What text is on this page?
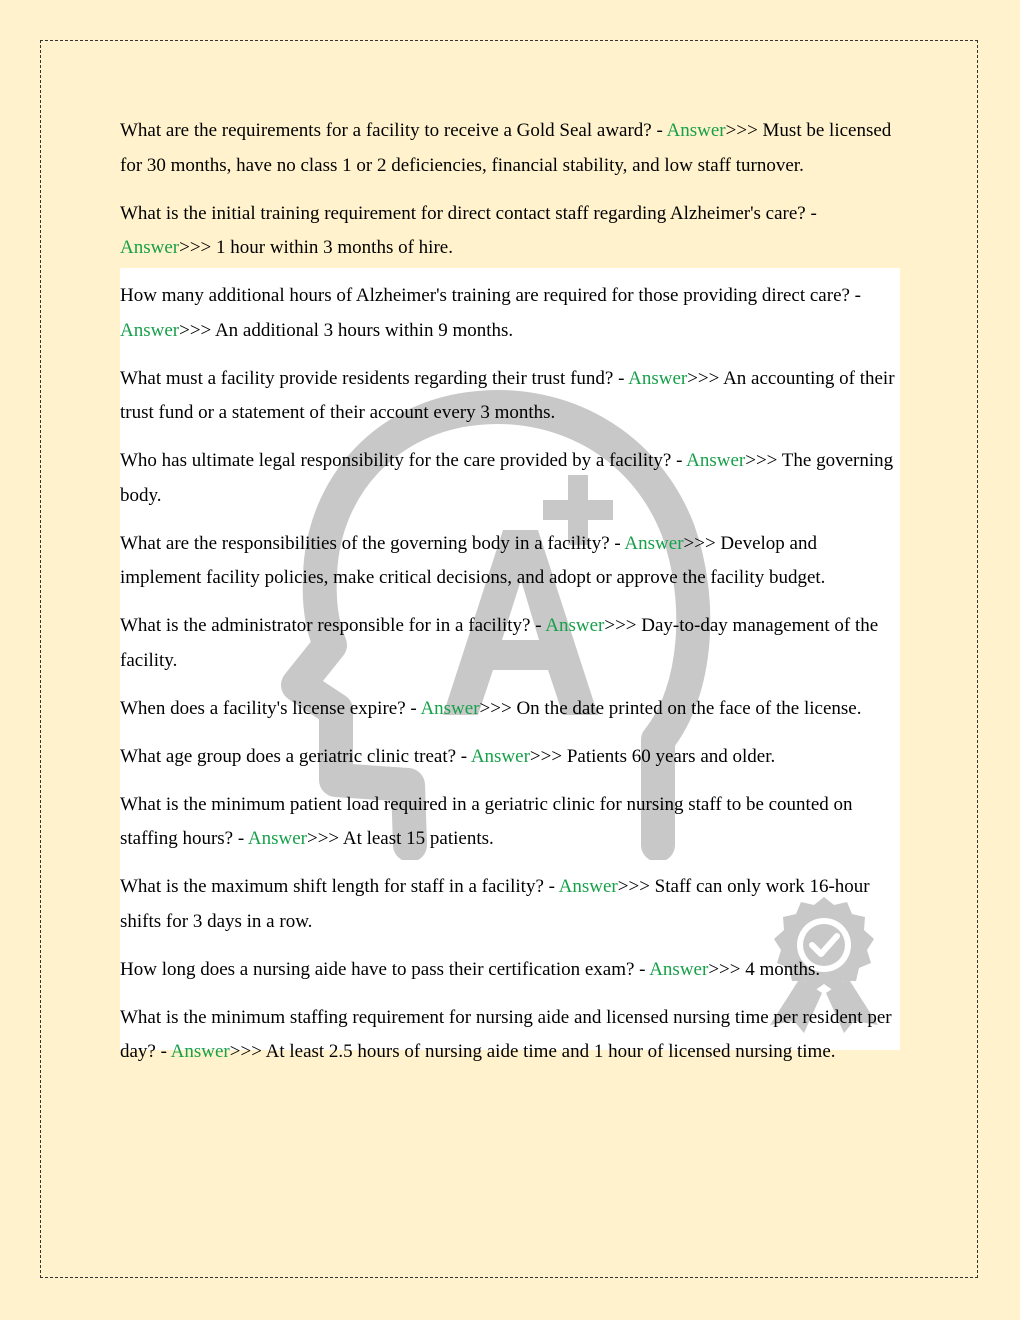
What are the requirements for a facility to receive a Gold Seal award? - Answer>>> Must be licensed for 30 months, have no class 1 or 2 deficiencies, financial stability, and low staff turnover.

What is the initial training requirement for direct contact staff regarding Alzheimer's care? - Answer>>> 1 hour within 3 months of hire.

How many additional hours of Alzheimer's training are required for those providing direct care? - Answer>>> An additional 3 hours within 9 months.

What must a facility provide residents regarding their trust fund? - Answer>>> An accounting of their trust fund or a statement of their account every 3 months.

Who has ultimate legal responsibility for the care provided by a facility? - Answer>>> The governing body.

What are the responsibilities of the governing body in a facility? - Answer>>> Develop and implement facility policies, make critical decisions, and adopt or approve the facility budget.

What is the administrator responsible for in a facility? - Answer>>> Day-to-day management of the facility.

When does a facility's license expire? - Answer>>> On the date printed on the face of the license.

What age group does a geriatric clinic treat? - Answer>>> Patients 60 years and older.

What is the minimum patient load required in a geriatric clinic for nursing staff to be counted on staffing hours? - Answer>>> At least 15 patients.

What is the maximum shift length for staff in a facility? - Answer>>> Staff can only work 16-hour shifts for 3 days in a row.

How long does a nursing aide have to pass their certification exam? - Answer>>> 4 months.

What is the minimum staffing requirement for nursing aide and licensed nursing time per resident per day? - Answer>>> At least 2.5 hours of nursing aide time and 1 hour of licensed nursing time.
